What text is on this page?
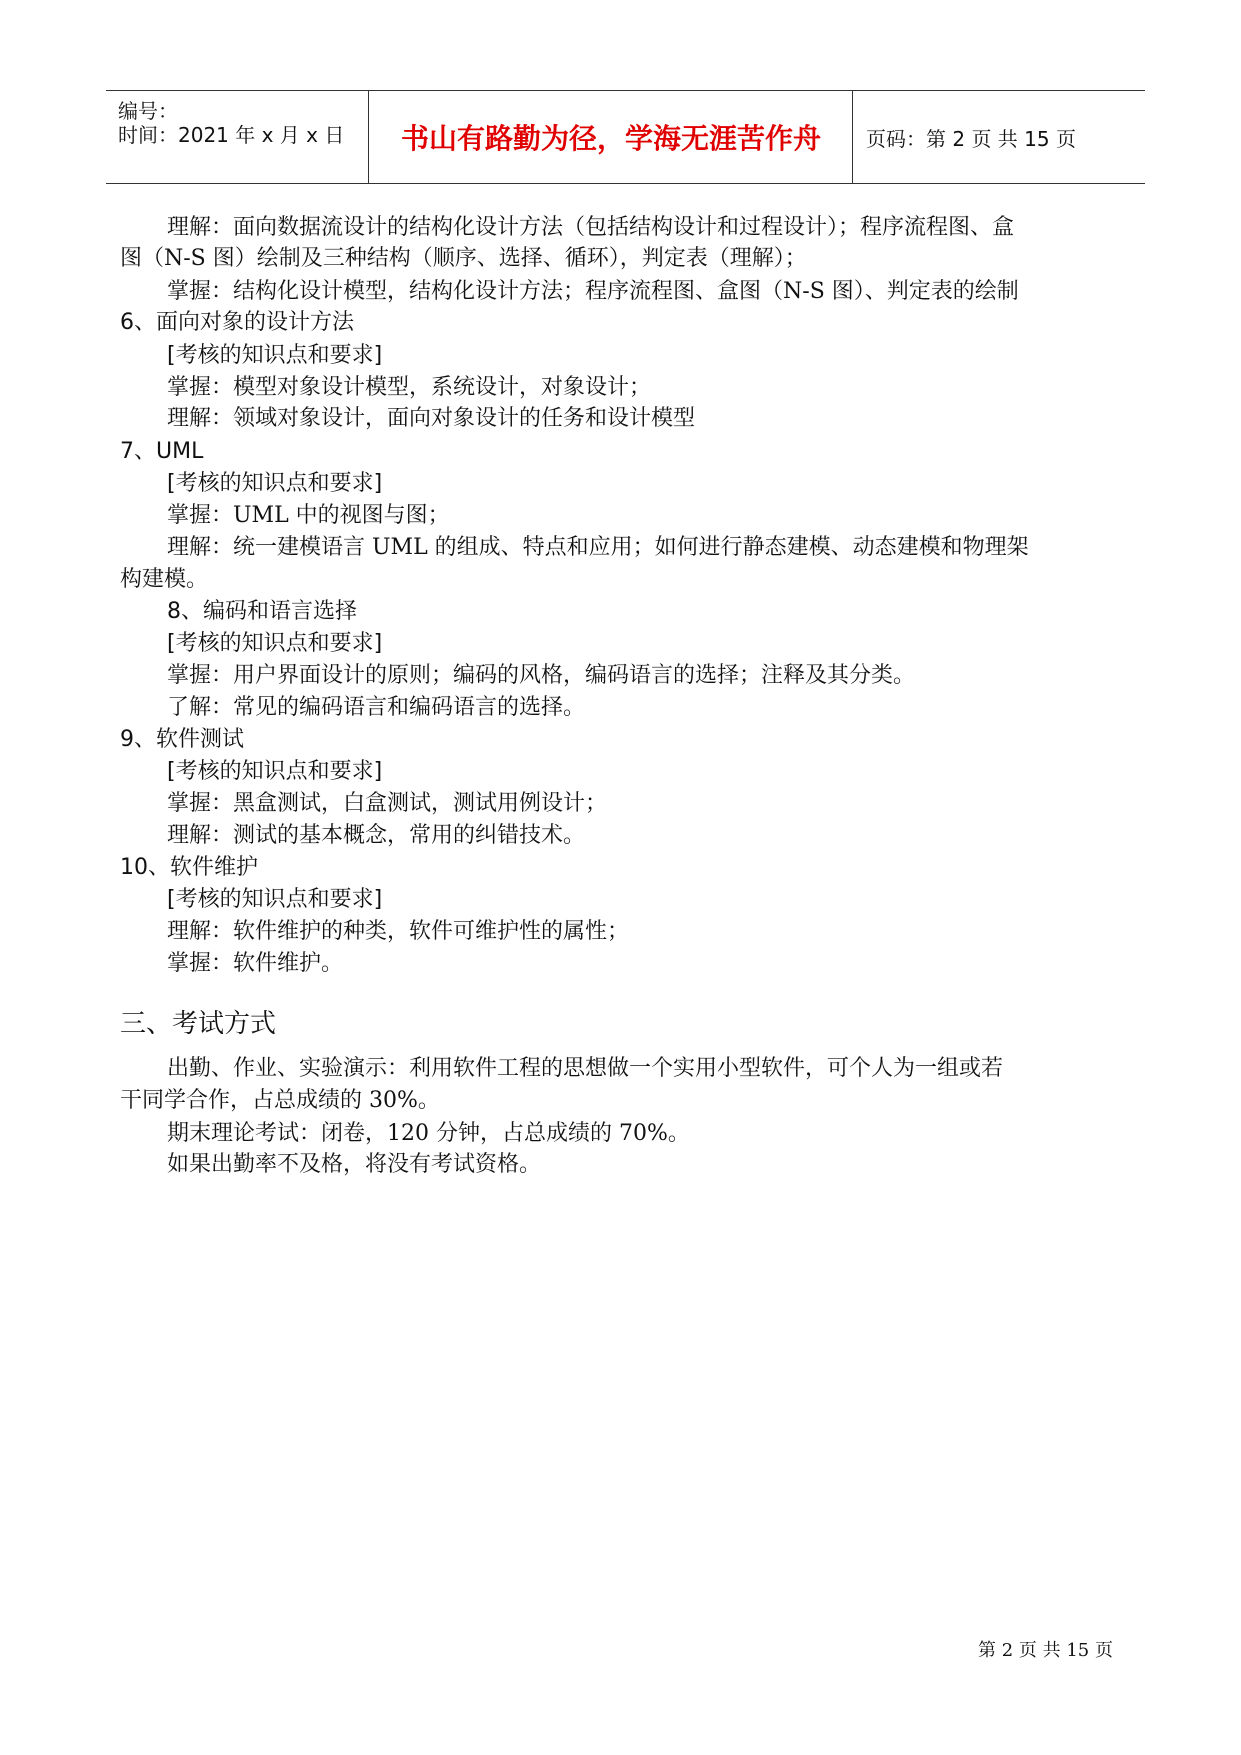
编号：
时间：2021 年 x 月 x 日	书山有路勤为径，学海无涯苦作舟	页码：第 2 页 共 15 页
理解：面向数据流设计的结构化设计方法（包括结构设计和过程设计）；程序流程图、盒
图（N-S 图）绘制及三种结构（顺序、选择、循环），判定表（理解）；
掌握：结构化设计模型，结构化设计方法；程序流程图、盒图（N-S 图）、判定表的绘制
6、面向对象的设计方法
[考核的知识点和要求]
掌握：模型对象设计模型，系统设计，对象设计；
理解：领域对象设计，面向对象设计的任务和设计模型
7、UML
[考核的知识点和要求]
掌握：UML 中的视图与图；
理解：统一建模语言 UML 的组成、特点和应用；如何进行静态建模、动态建模和物理架
构建模。
8、编码和语言选择
[考核的知识点和要求]
掌握：用户界面设计的原则；编码的风格，编码语言的选择；注释及其分类。
了解：常见的编码语言和编码语言的选择。
9、软件测试
[考核的知识点和要求]
掌握：黑盒测试，白盒测试，测试用例设计；
理解：测试的基本概念，常用的纠错技术。
10、软件维护
[考核的知识点和要求]
理解：软件维护的种类，软件可维护性的属性；
掌握：软件维护。
三、考试方式
出勤、作业、实验演示：利用软件工程的思想做一个实用小型软件，可个人为一组或若
干同学合作，占总成绩的 30%。
期末理论考试：闭卷，120 分钟，占总成绩的 70%。
如果出勤率不及格，将没有考试资格。
第 2 页 共 15 页
